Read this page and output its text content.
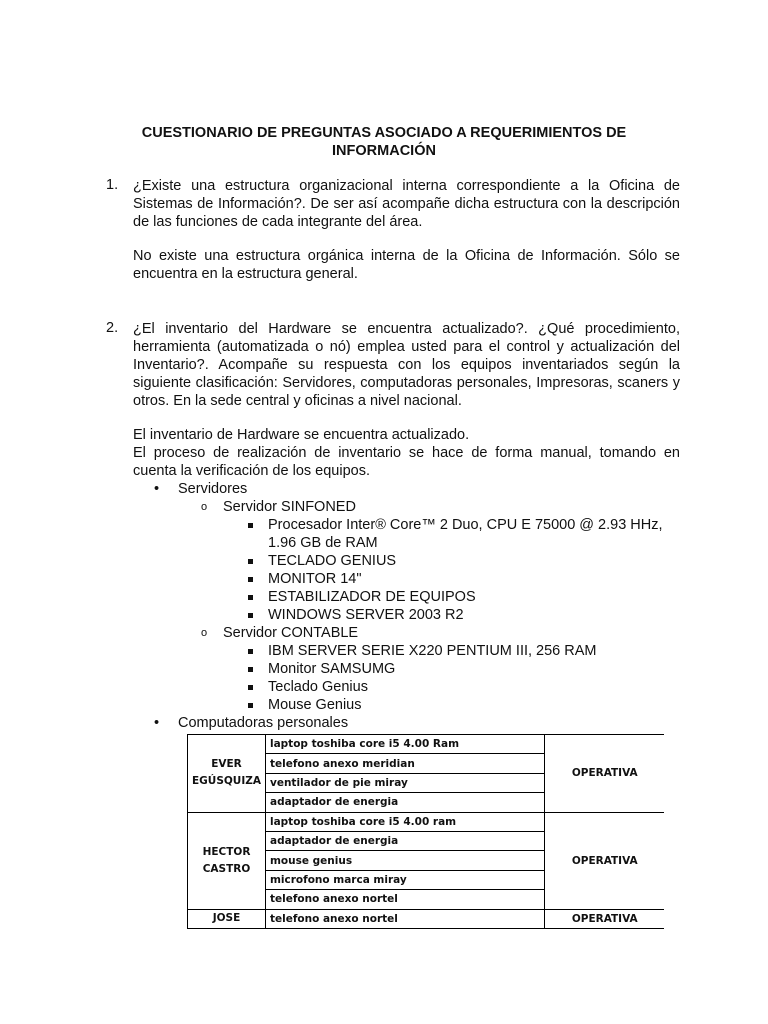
CUESTIONARIO DE PREGUNTAS ASOCIADO A REQUERIMIENTOS DE INFORMACIÓN
1. ¿Existe una estructura organizacional interna correspondiente a la Oficina de Sistemas de Información?. De ser así acompañe dicha estructura con la descripción de las funciones de cada integrante del área.

No existe una estructura orgánica interna de la Oficina de Información. Sólo se encuentra en la estructura general.

2. ¿El inventario del Hardware se encuentra actualizado?. ¿Qué procedimiento, herramienta (automatizada o nó) emplea usted para el control y actualización del Inventario?. Acompañe su respuesta con los equipos inventariados según la siguiente clasificación: Servidores, computadoras personales, Impresoras, scaners y otros. En la sede central y oficinas a nivel nacional.

El inventario de Hardware se encuentra actualizado.

El proceso de realización de inventario se hace de forma manual, tomando en cuenta la verificación de los equipos.

• Servidores
o Servidor SINFONED
Procesador Inter® Core™ 2 Duo, CPU E 75000 @ 2.93 HHz, 1.96 GB de RAM
TECLADO GENIUS
MONITOR 14"
ESTABILIZADOR DE EQUIPOS
WINDOWS SERVER 2003 R2
o Servidor CONTABLE
IBM SERVER SERIE X220 PENTIUM III, 256 RAM
Monitor SAMSUMG
Teclado Genius
Mouse Genius
• Computadoras personales
EVER
EGÚSQUIZA	laptop toshiba core i5 4.00 Ram	OPERATIVA
	telefono anexo meridian	
	ventilador de pie miray	
	adaptador de energia	
HECTOR
CASTRO	laptop toshiba core i5 4.00 ram	OPERATIVA
	adaptador de energia	
	mouse genius	
	microfono marca miray	
	telefono anexo nortel	
JOSE	telefono anexo nortel	OPERATIVA
